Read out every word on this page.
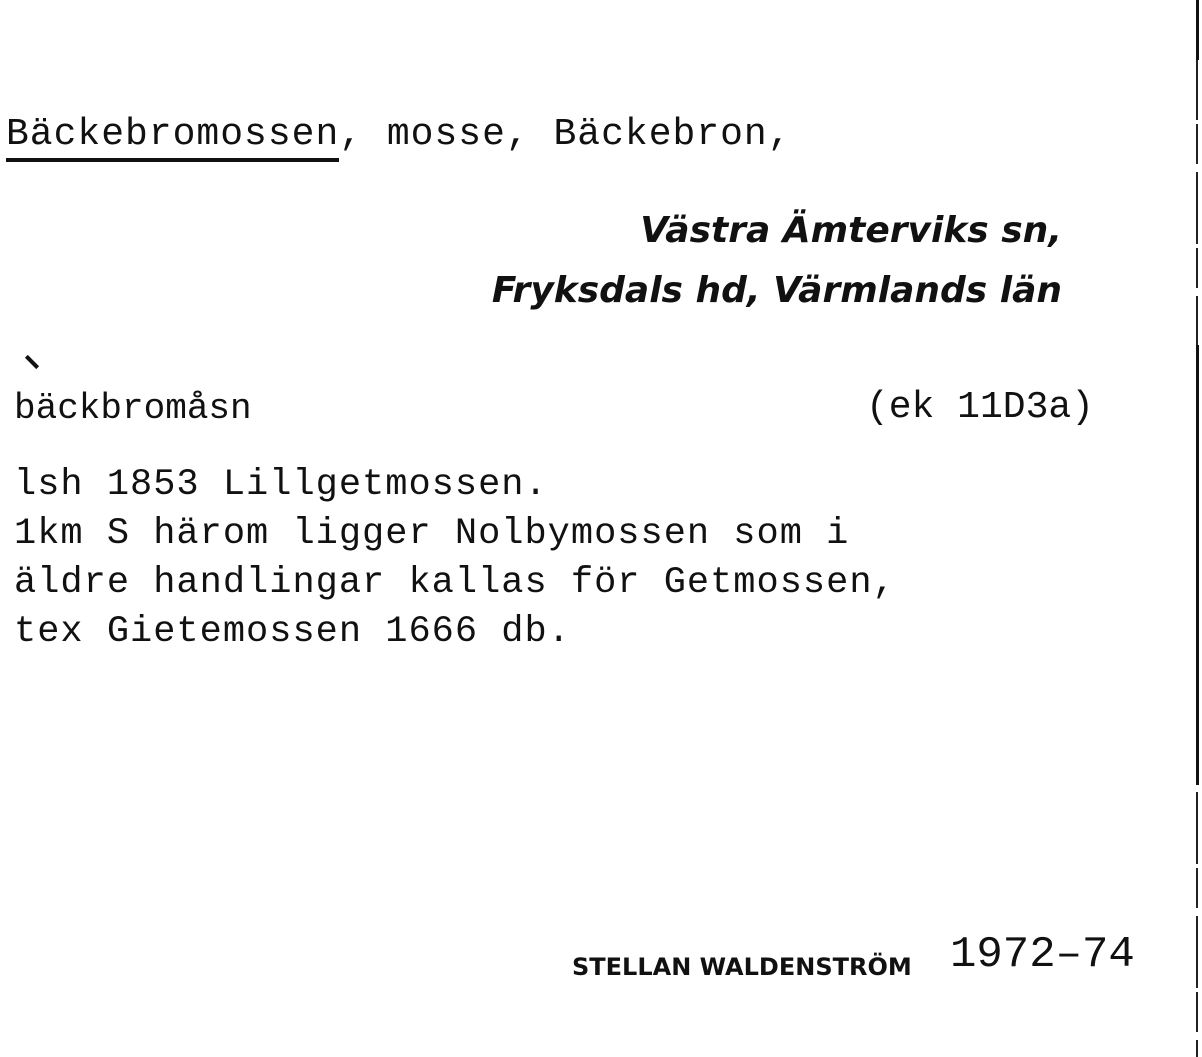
Bäckebromossen, mosse, Bäckebron,
Västra Ämterviks sn,
Fryksdals hd, Värmlands län
bäckbromåsn	(ek 11D3a)
lsh 1853 Lillgetmossen.
1km S härom ligger Nolbymossen som i
äldre handlingar kallas för Getmossen,
tex Gietemossen 1666 db.
STELLAN WALDENSTRÖM 1972–74
